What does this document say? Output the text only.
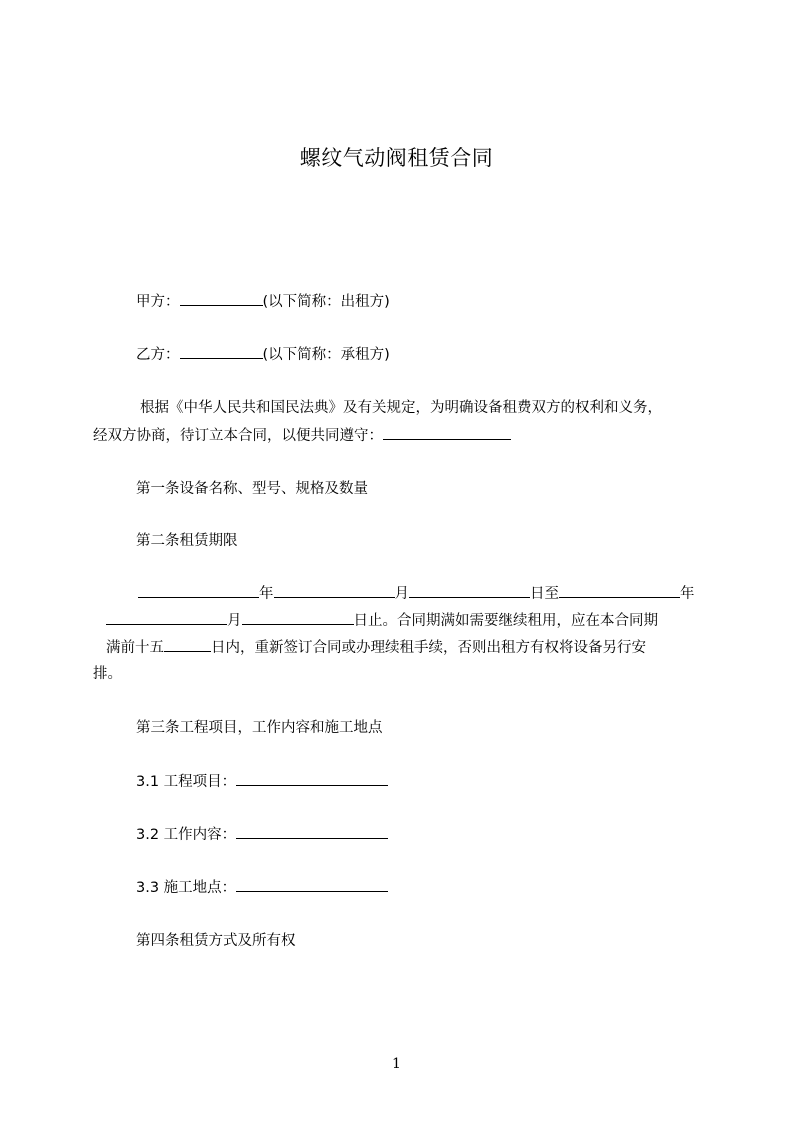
螺纹气动阀租赁合同
甲方：	(以下简称：出租方)
乙方：	(以下简称：承租方)
根据《中华人民共和国民法典》及有关规定，为明确设备租费双方的权利和义务，
经双方协商，待订立本合同，以便共同遵守：
第一条设备名称、型号、规格及数量
第二条租赁期限
年	月	日至	年
月	日止。合同期满如需要继续租用，应在本合同期
满前十五	日内，重新签订合同或办理续租手续，否则出租方有权将设备另行安
排。
第三条工程项目，工作内容和施工地点
3.1 工程项目：
3.2 工作内容：
3.3 施工地点：
第四条租赁方式及所有权
1
